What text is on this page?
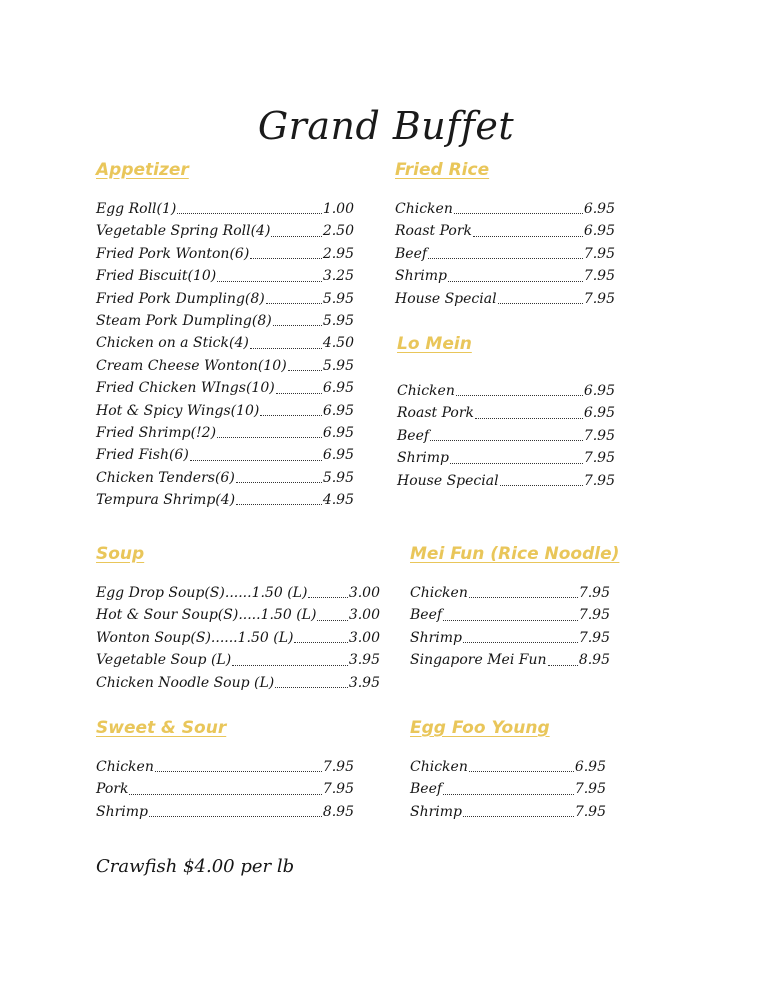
Grand Buffet
Appetizer
Egg Roll(1)	1.00
Vegetable Spring Roll(4)	2.50
Fried Pork Wonton(6)	2.95
Fried Biscuit(10)	3.25
Fried Pork Dumpling(8)	5.95
Steam Pork Dumpling(8)	5.95
Chicken on a Stick(4)	4.50
Cream Cheese Wonton(10)	5.95
Fried Chicken WIngs(10)	6.95
Hot & Spicy Wings(10)	6.95
Fried Shrimp(!2)	6.95
Fried Fish(6)	6.95
Chicken Tenders(6)	5.95
Tempura Shrimp(4)	4.95
Fried Rice
Chicken	6.95
Roast Pork	6.95
Beef	7.95
Shrimp	7.95
House Special	7.95
Lo Mein
Chicken	6.95
Roast Pork	6.95
Beef	7.95
Shrimp	7.95
House Special	7.95
Soup
Egg Drop Soup(S)......1.50 (L)	3.00
Hot & Sour Soup(S).....1.50 (L) 3.00
Wonton Soup(S)......1.50 (L)	3.00
Vegetable Soup (L)	3.95
Chicken Noodle Soup (L)	3.95
Mei Fun (Rice Noodle)
Chicken	7.95
Beef	7.95
Shrimp	7.95
Singapore Mei Fun 8.95
Sweet & Sour
Chicken	7.95
Pork	7.95
Shrimp	8.95
Egg Foo Young
Chicken	6.95
Beef	7.95
Shrimp	7.95
Crawfish $4.00 per lb
